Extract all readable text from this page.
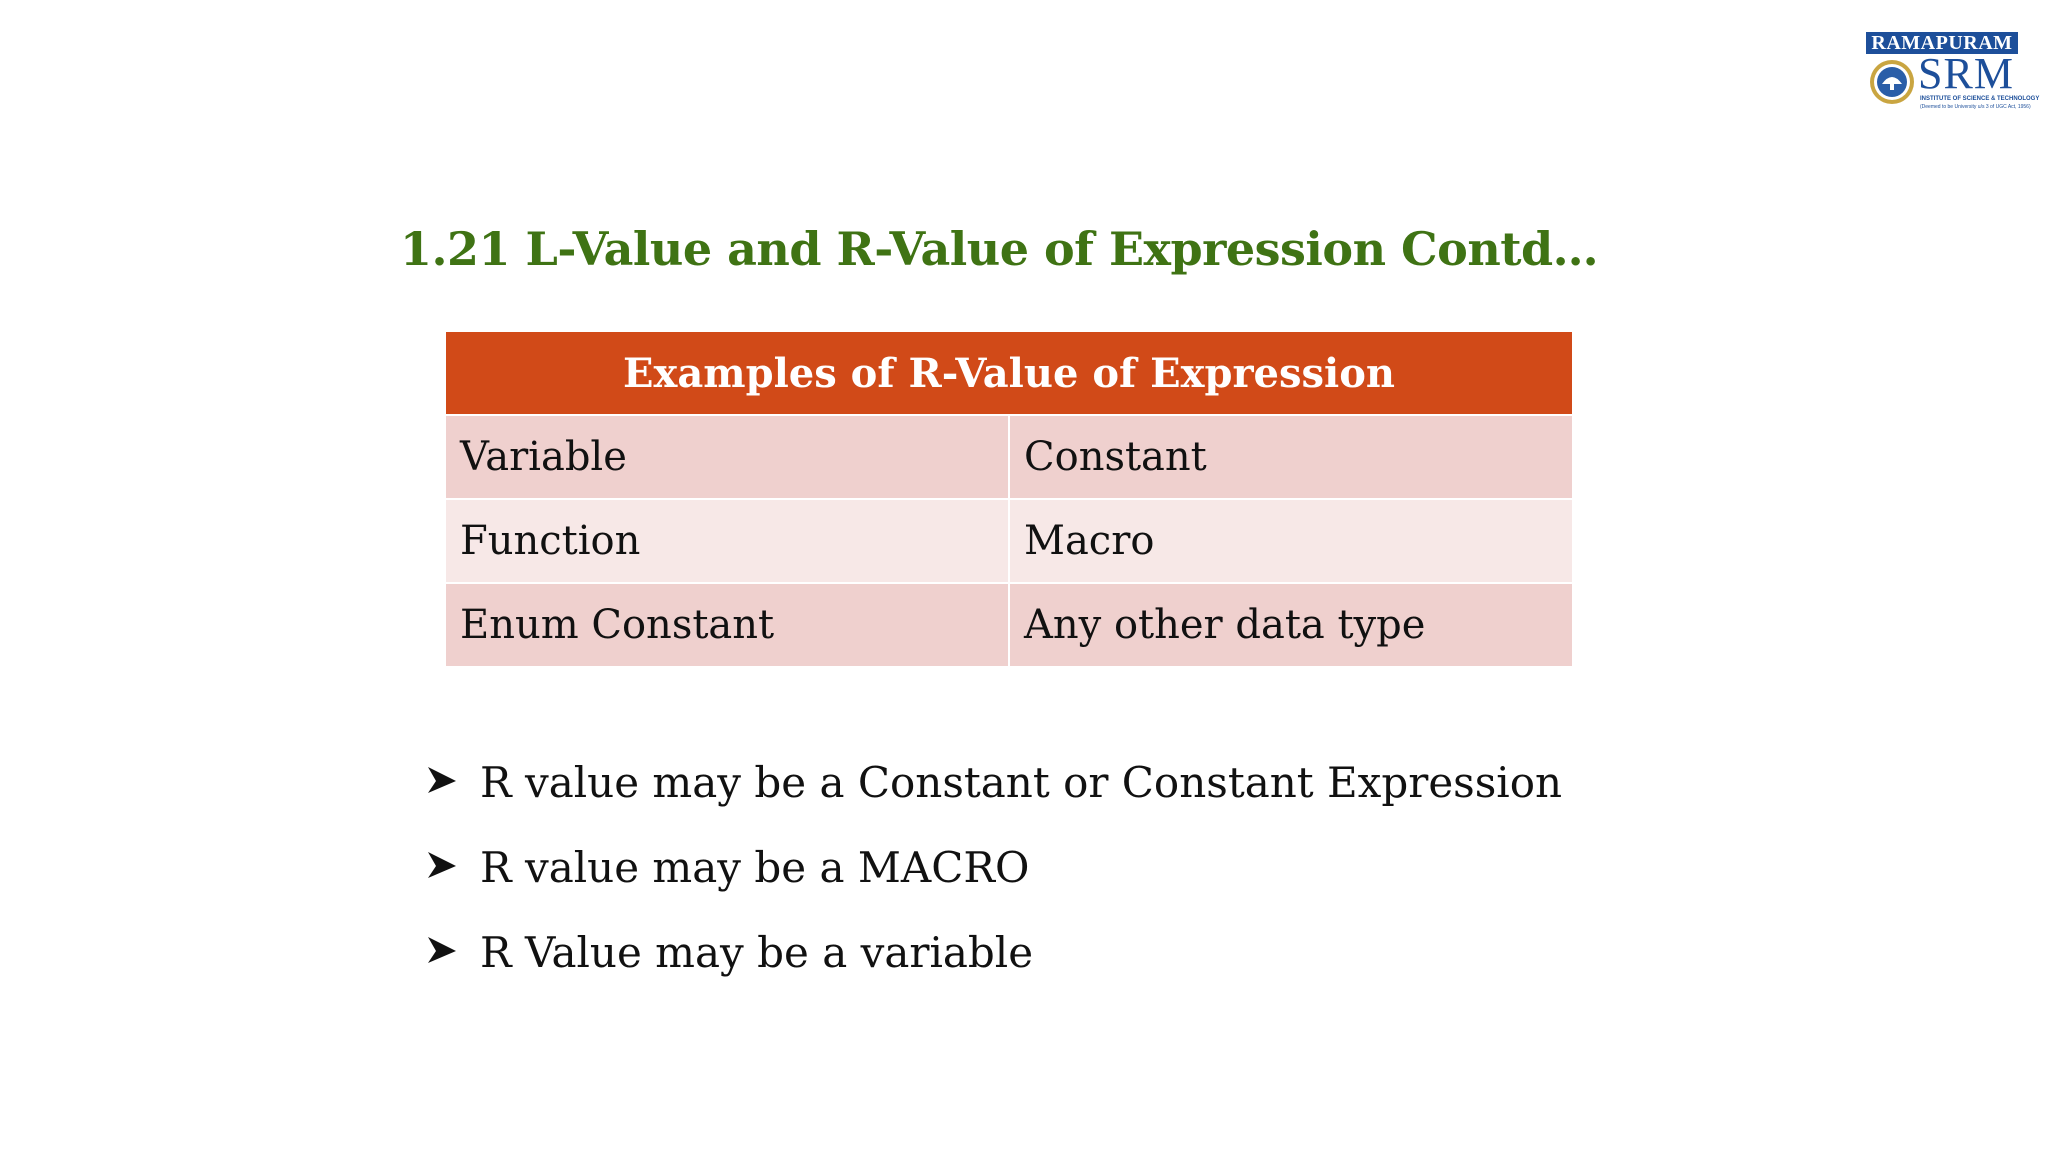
RAMAPURAM
SRM
INSTITUTE OF SCIENCE & TECHNOLOGY
(Deemed to be University u/s 3 of UGC Act, 1956)
1.21 L-Value and R-Value of Expression Contd…
Examples of R-Value of Expression	
Variable	Constant
Function	Macro
Enum Constant	Any other data type
R value may be a Constant or Constant Expression
R value may be a MACRO
R Value may be a variable
